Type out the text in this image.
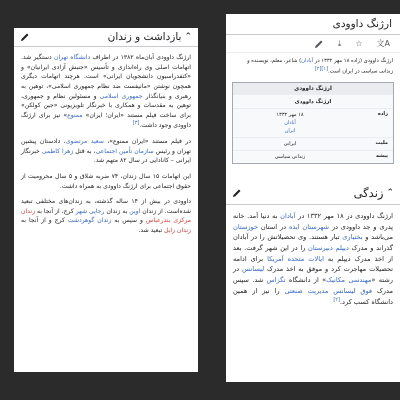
⌃
بازداشت و زندان

ارژنگ داوودی آبان‌ماه ۱۳۸۲ در اطراف دانشگاه تهران دستگیر شد. اتهامات اصلی وی راه‌اندازی و تأسیس «جنبش آزادی ایرانیان» و «کنفدراسیون دانشجویان ایرانی» است. هرچند اتهامات دیگری همچون نوشتن «مانیفست ضد نظام جمهوری اسلامی»، توهین به رهبری و بنیانگذار جمهوری اسلامی و مسئولین نظام و جمهوری، توهین به مقدسات و همکاری با خبرنگار تلویزیونی «جین کولکن» برای ساخت فیلم مستند «ایران؛ ایران» ممنوع» نیز برای ارژنگ داوودی وجود داشت.[۳]

در فیلم مستند «ایران ممنوع»، سعید مرتضوی، دادستان پیشین تهران و رئیس سازمان تأمین اجتماعی، به قتل زهرا کاظمی خبرنگار ایرانی – کانادایی در سال ۸۲ متهم شد.

این اتهامات ۱۵ سال زندان، ۷۴ ضربه شلاق و ۵ سال محرومیت از حقوق اجتماعی برای ارژنگ داوودی به همراه داشت.

داوودی در بیش از ۱۴ ساله گذشته، به زندان‌های مختلفی تبعید شده‌است. از زندان اوین به زندان رجایی شهر کرج، از آنجا به زندان مرکزی بندرعباس و سپس به زندان گوهردشت کرج و از آنجا به زندان زابل تبعید شد.

ارژنگ داوودی
文A
☆
⤓
ارژنگ داوودی (زاده ۱۸ مهر ۱۳۳۲ در آبادان) شاعر، معلم، نویسنده و زندانی سیاسی در ایران است.[۱][۲]
ارژنگ داوودی
ارژنگ داوودی
زاده
۱۸ مهر ۱۳۳۲
آبادان
ایران
ملیت
ایرانی
پیشه
زندانی سیاسی
⌃
زندگی
ارژنگ داوودی در ۱۸ مهر ۱۳۳۲ در آبادان به دنیا آمد. خانه پدری و جد داوودی در شهرستان ایذه در استان خوزستان می‌باشد و بختیاری تبار هستند. وی تحصیلاتش را در آبادان گذراند و مدرک دیپلم دبیرستان را در این شهر گرفت. بعد از اخذ مدرک دیپلم به ایالات متحده آمریکا برای ادامه تحصیلات مهاجرت کرد و موفق به اخذ مدرک لیسانس در رشته «مهندسی مکانیک» از دانشگاه تگزاس شد. سپس مدرک فوق لیسانس مدیریت صنعتی را نیز از همین دانشگاه کسب کرد.[۲]
